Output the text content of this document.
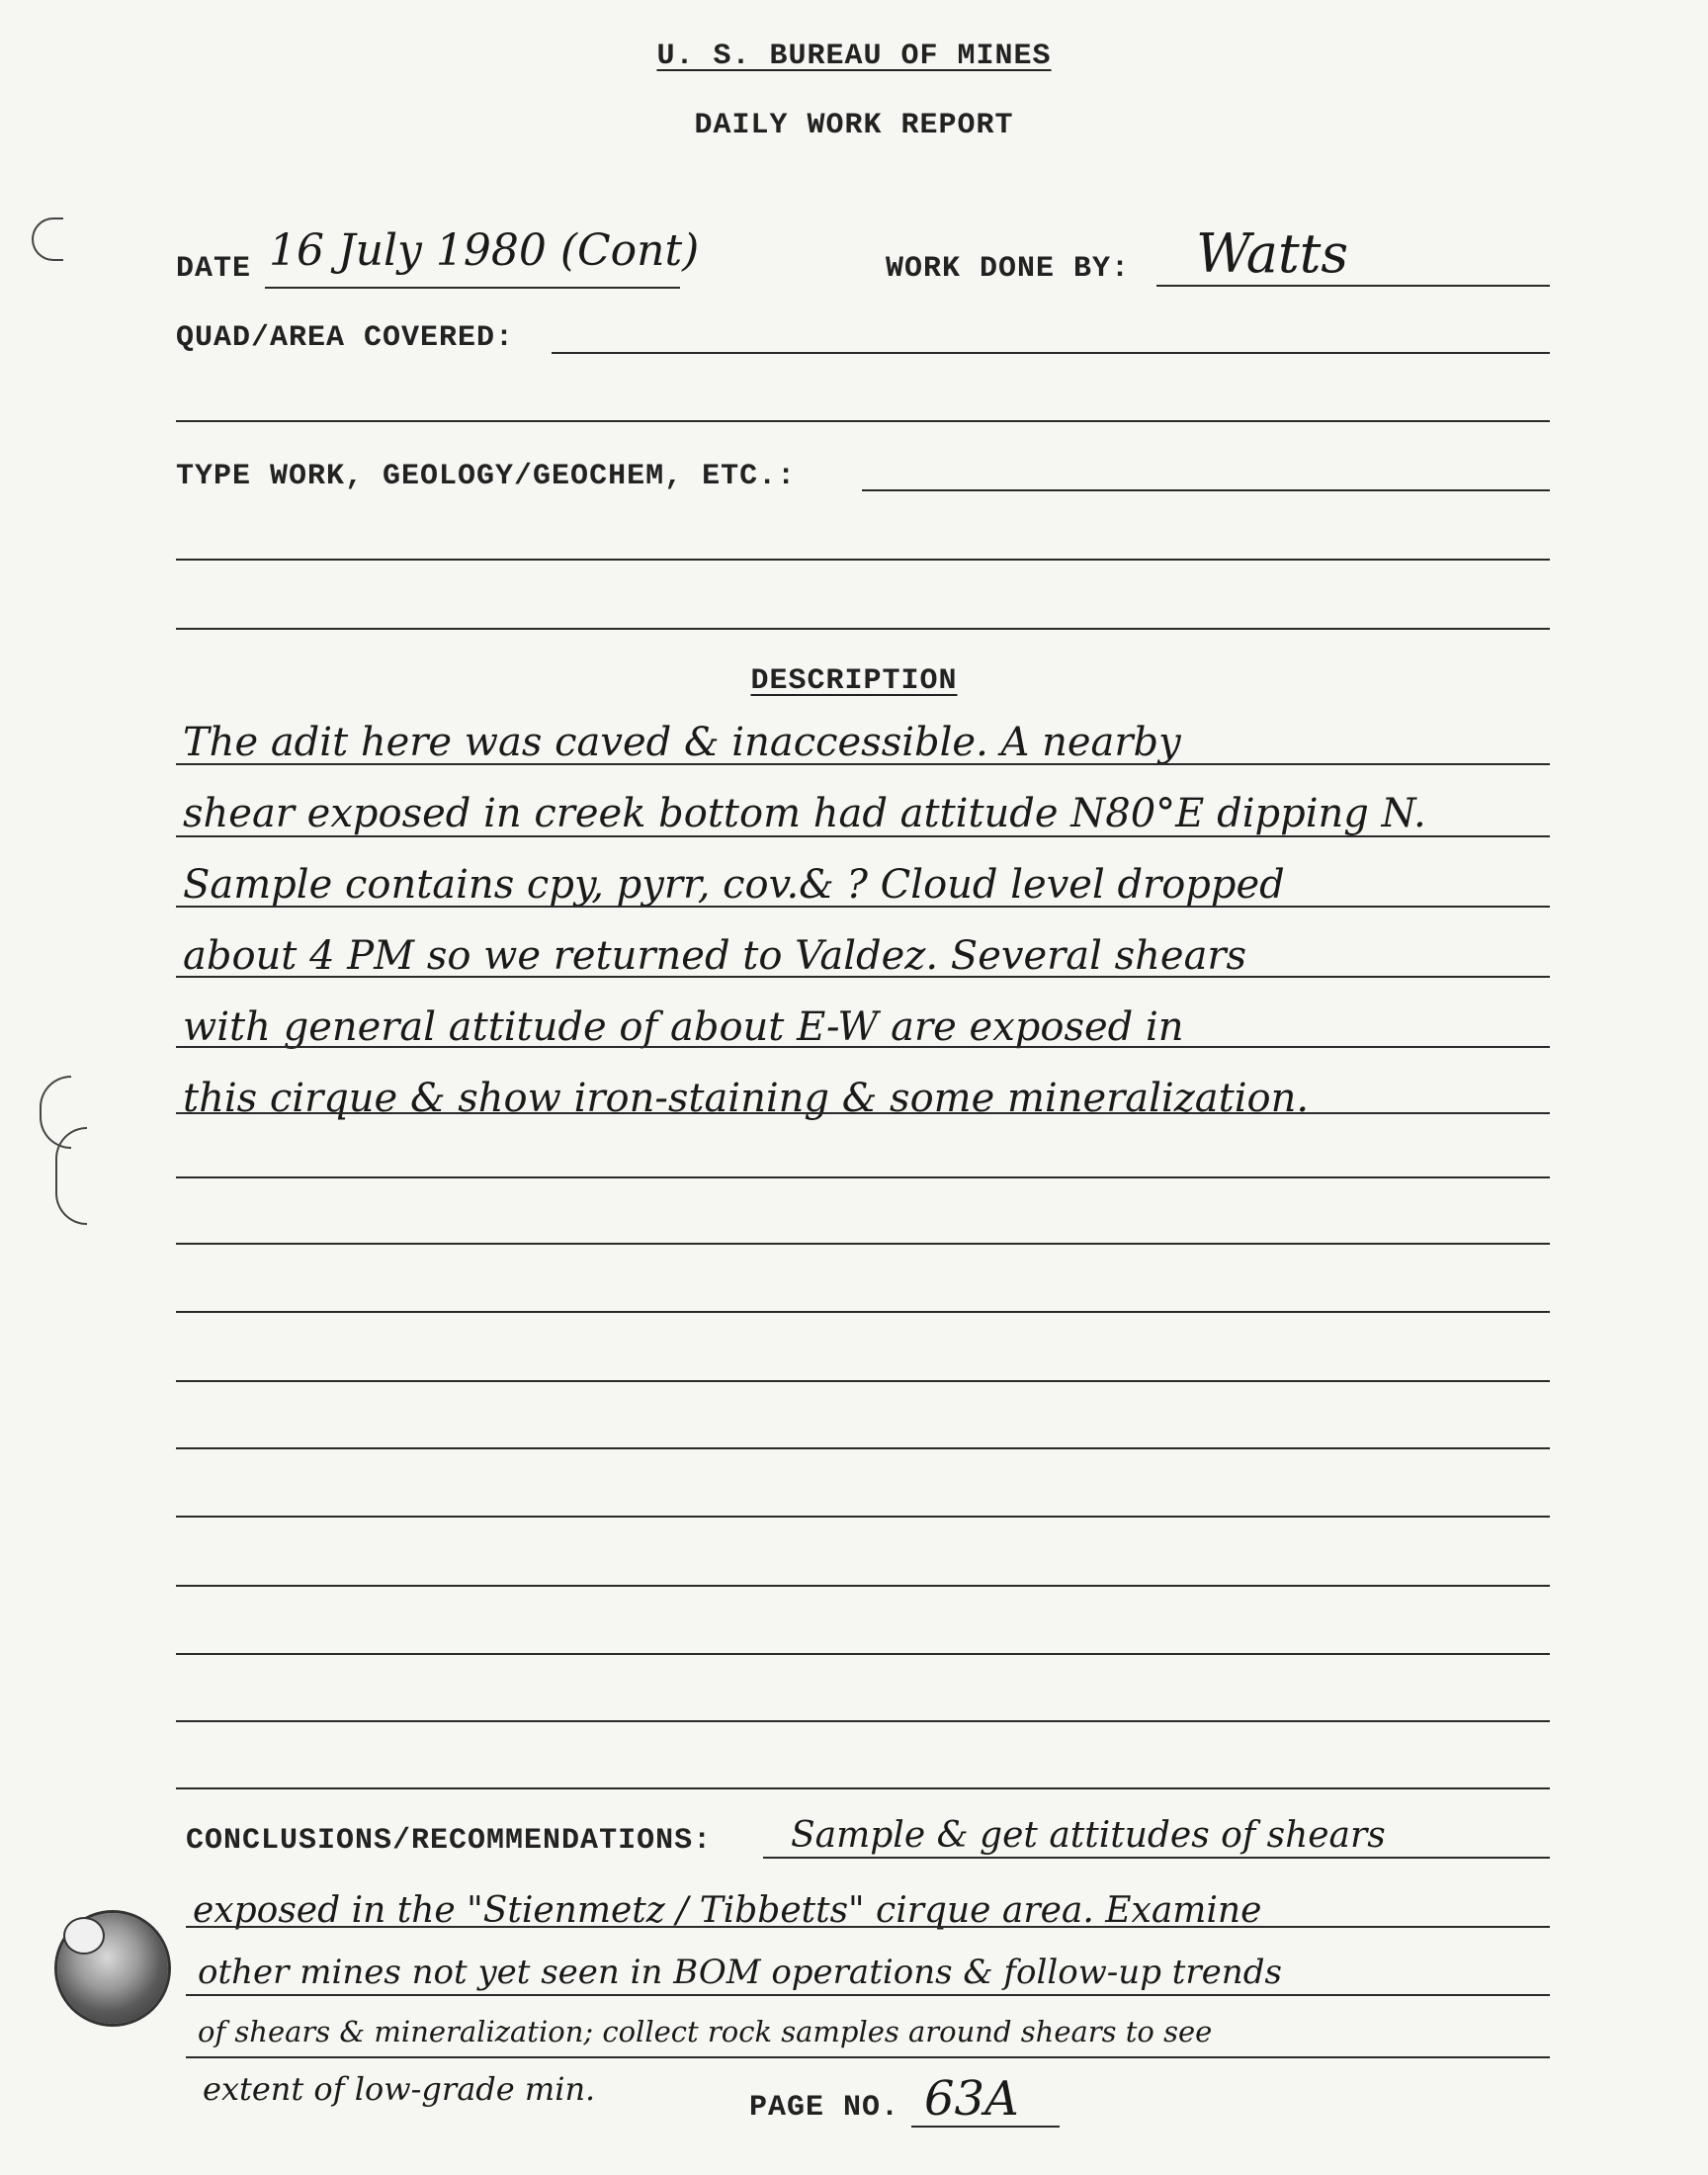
U. S. BUREAU OF MINES
DAILY WORK REPORT
DATE 16 July 1980 (Cont)	WORK DONE BY: Watts
QUAD/AREA COVERED:
TYPE WORK, GEOLOGY/GEOCHEM, ETC.:
DESCRIPTION
The adit here was caved & inaccessible. A nearby
shear exposed in creek bottom had attitude N80°E dipping N.
Sample contains cpy, pyrr, cov.& ? Cloud level dropped
about 4 PM so we returned to Valdez. Several shears
with general attitude of about E-W are exposed in
this cirque & show iron-staining & some mineralization.
CONCLUSIONS/RECOMMENDATIONS: Sample & get attitudes of shears
exposed in the "Stienmetz / Tibbetts" cirque area. Examine
other mines not yet seen in BOM operations & follow-up trends
of shears & mineralization; collect rock samples around shears to see
extent of low-grade min.	PAGE NO. 63A
